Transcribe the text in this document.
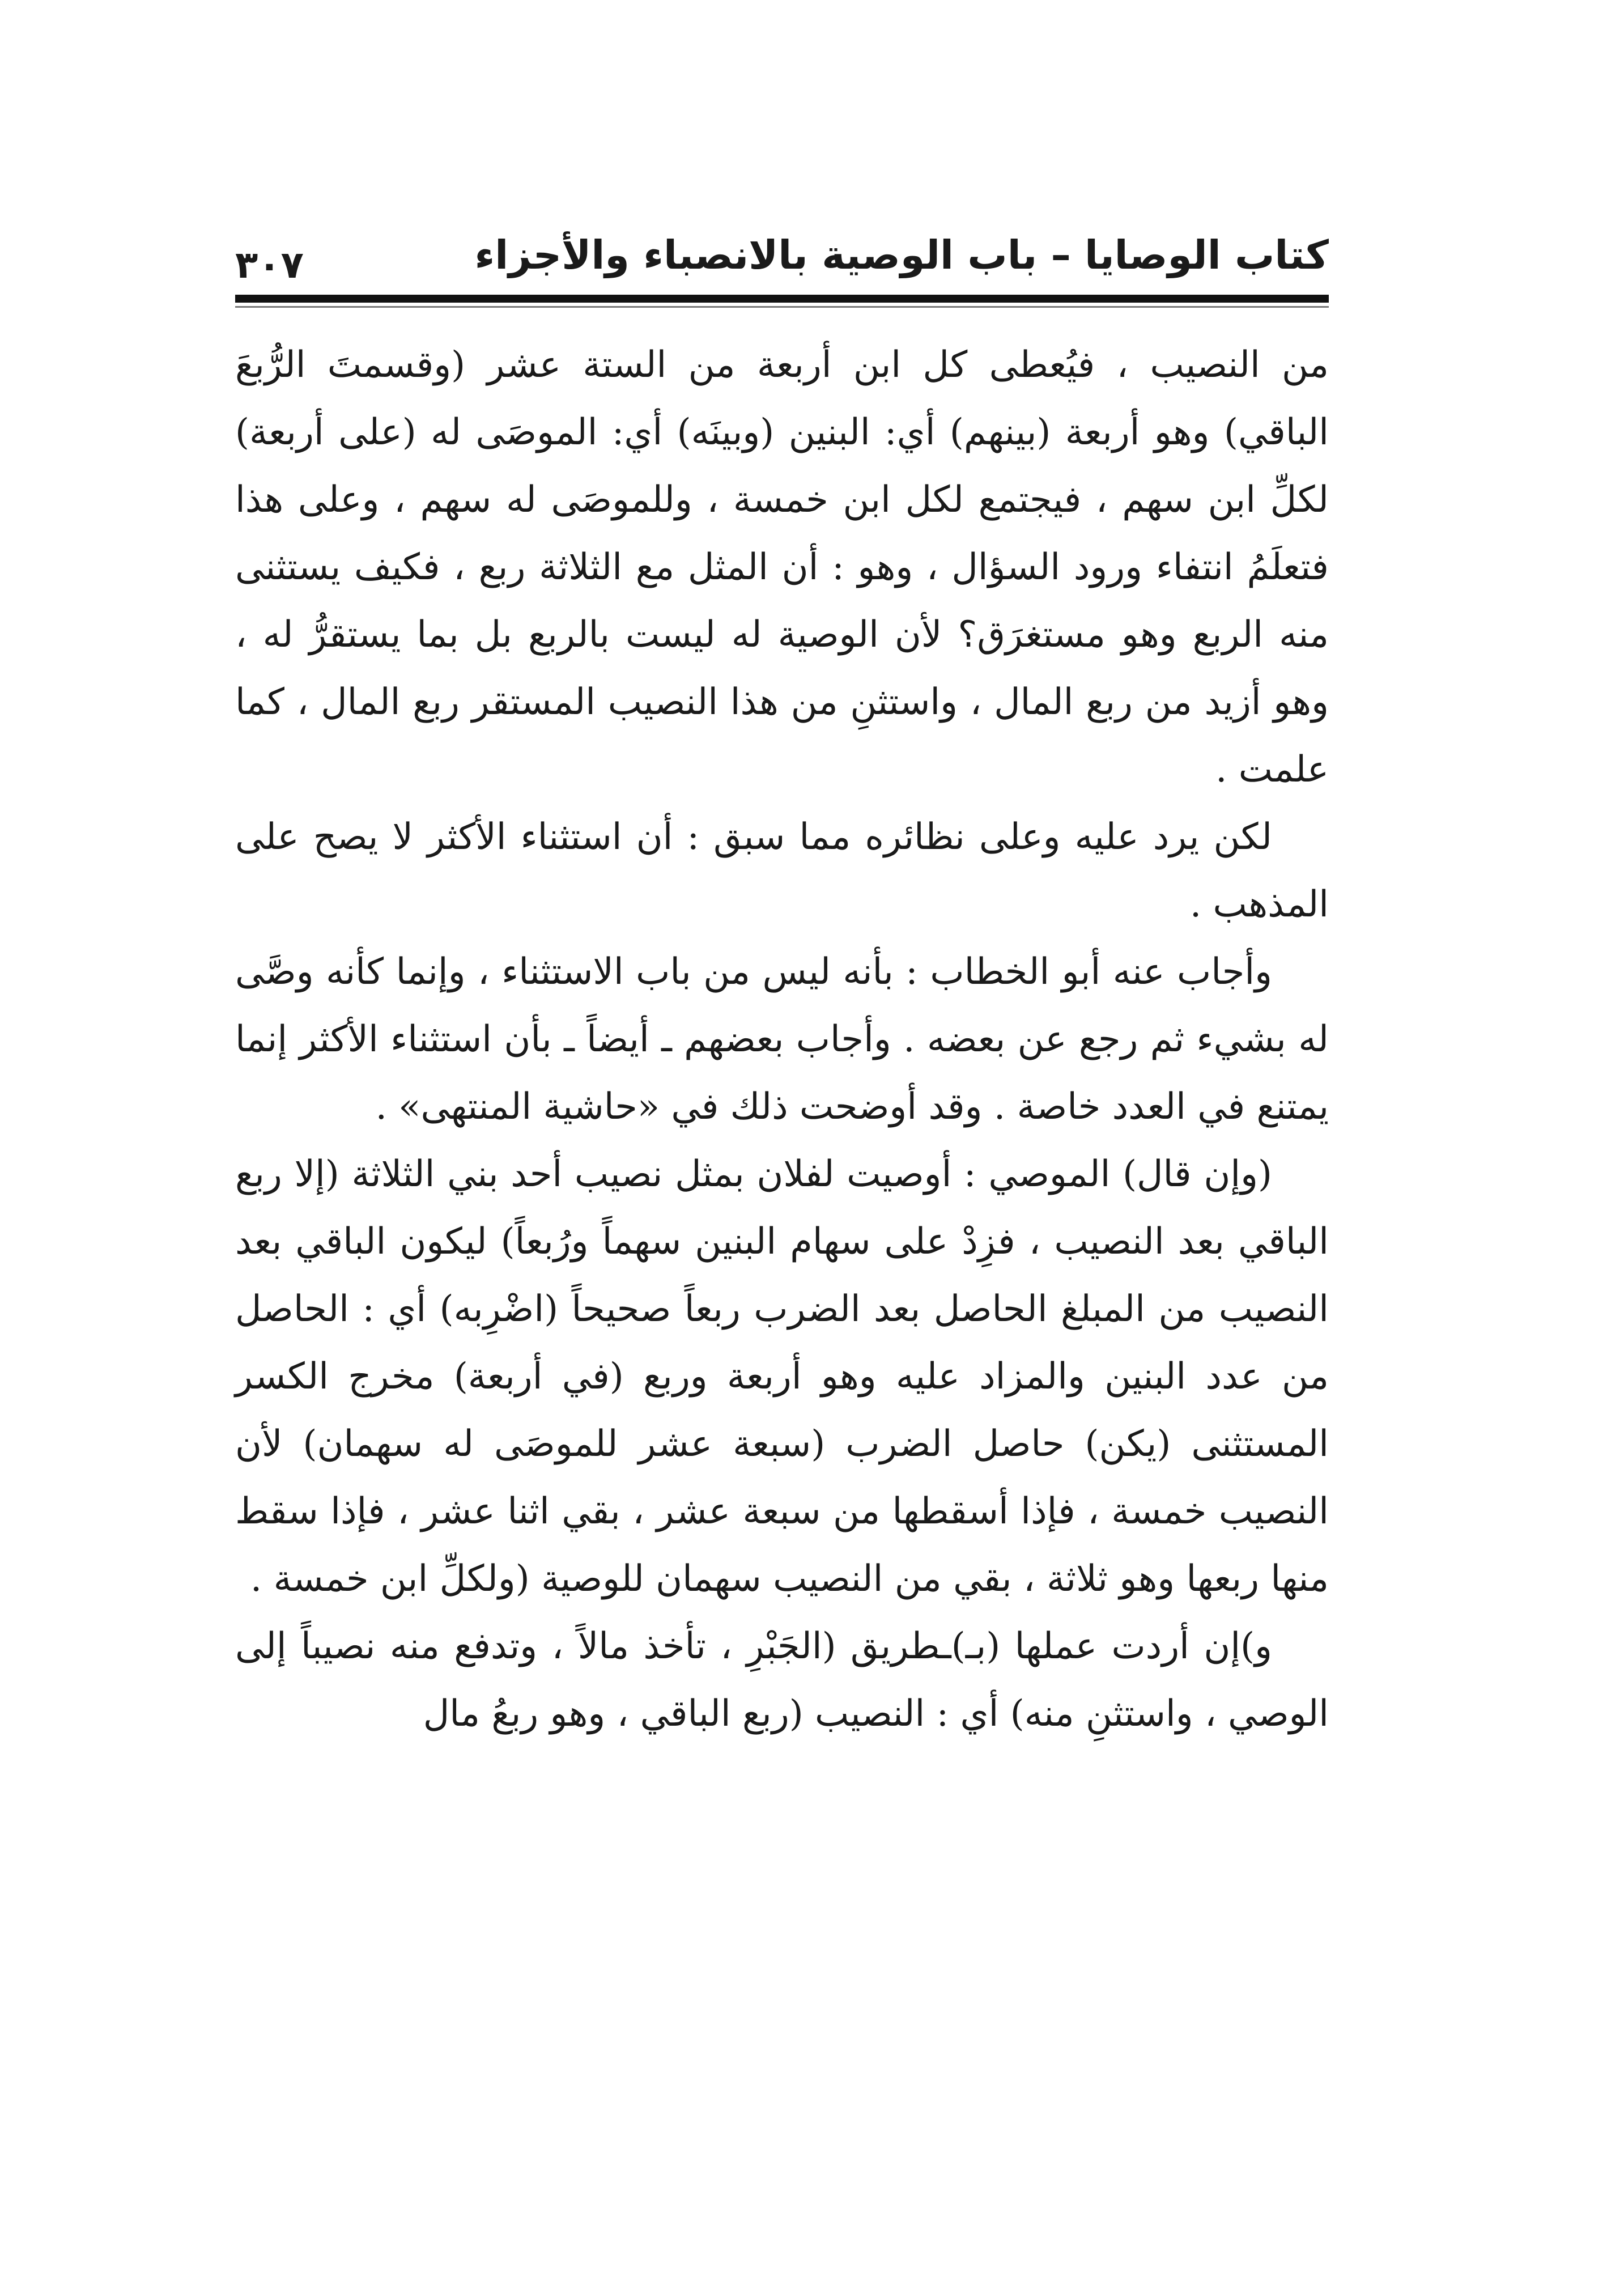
كتاب الوصايا – باب الوصية بالانصباء والأجزاء
٣٠٧

من النصيب ، فيُعطى كل ابن أربعة من الستة عشر (وقسمتَ الرُّبعَ الباقي) وهو أربعة (بينهم) أي: البنين (وبينَه) أي: الموصَى له (على أربعة) لكلِّ ابن سهم ، فيجتمع لكل ابن خمسة ، وللموصَى له سهم ، وعلى هذا فتعلَمُ انتفاء ورود السؤال ، وهو : أن المثل مع الثلاثة ربع ، فكيف يستثنى منه الربع وهو مستغرَق؟ لأن الوصية له ليست بالربع بل بما يستقرُّ له ، وهو أزيد من ربع المال ، واستثنِ من هذا النصيب المستقر ربع المال ، كما علمت .

لكن يرد عليه وعلى نظائره مما سبق : أن استثناء الأكثر لا يصح على المذهب .

وأجاب عنه أبو الخطاب : بأنه ليس من باب الاستثناء ، وإنما كأنه وصَّى له بشيء ثم رجع عن بعضه . وأجاب بعضهم ـ أيضاً ـ بأن استثناء الأكثر إنما يمتنع في العدد خاصة . وقد أوضحت ذلك في «حاشية المنتهى» .

(وإن قال) الموصي : أوصيت لفلان بمثل نصيب أحد بني الثلاثة (إلا ربع الباقي بعد النصيب ، فزِدْ على سهام البنين سهماً ورُبعاً) ليكون الباقي بعد النصيب من المبلغ الحاصل بعد الضرب ربعاً صحيحاً (اضْرِبه) أي : الحاصل من عدد البنين والمزاد عليه وهو أربعة وربع (في أربعة) مخرج الكسر المستثنى (يكن) حاصل الضرب (سبعة عشر للموصَى له سهمان) لأن النصيب خمسة ، فإذا أسقطها من سبعة عشر ، بقي اثنا عشر ، فإذا سقط منها ربعها وهو ثلاثة ، بقي من النصيب سهمان للوصية (ولكلِّ ابن خمسة .

و)إن أردت عملها (بـ)ـطريق (الجَبْرِ ، تأخذ مالاً ، وتدفع منه نصيباً إلى الوصي ، واستثنِ منه) أي : النصيب (ربع الباقي ، وهو ربعُ مال
